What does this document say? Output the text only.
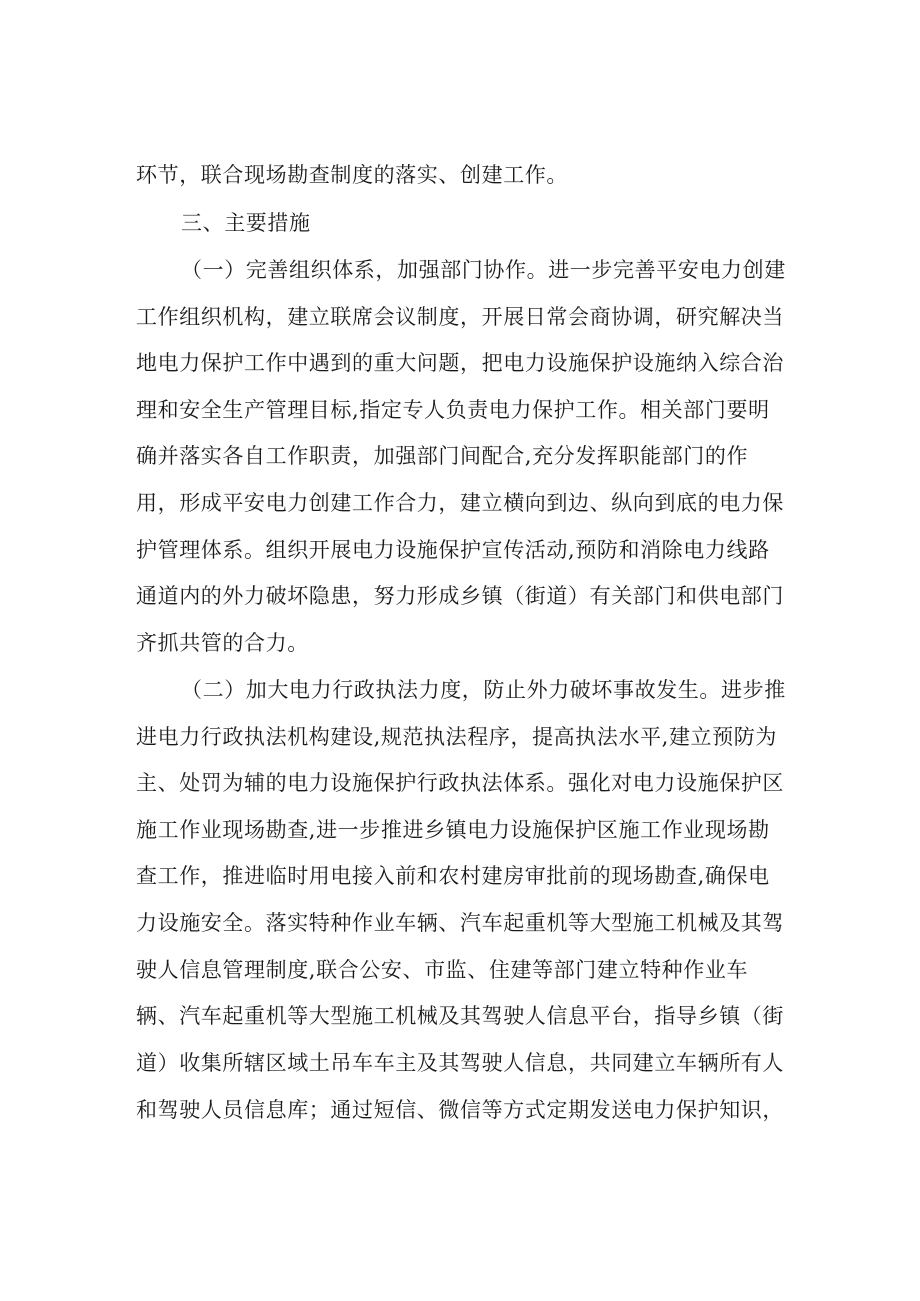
环节，联合现场勘查制度的落实、创建工作。
三、主要措施
（一）完善组织体系，加强部门协作。进一步完善平安电力创建
工作组织机构，建立联席会议制度，开展日常会商协调，研究解决当
地电力保护工作中遇到的重大问题，把电力设施保护设施纳入综合治
理和安全生产管理目标,指定专人负责电力保护工作。相关部门要明
确并落实各自工作职责，加强部门间配合,充分发挥职能部门的作
用，形成平安电力创建工作合力，建立横向到边、纵向到底的电力保
护管理体系。组织开展电力设施保护宣传活动,预防和消除电力线路
通道内的外力破坏隐患，努力形成乡镇（街道）有关部门和供电部门
齐抓共管的合力。
（二）加大电力行政执法力度，防止外力破坏事故发生。进步推
进电力行政执法机构建设,规范执法程序，提高执法水平,建立预防为
主、处罚为辅的电力设施保护行政执法体系。强化对电力设施保护区
施工作业现场勘查,进一步推进乡镇电力设施保护区施工作业现场勘
查工作，推进临时用电接入前和农村建房审批前的现场勘查,确保电
力设施安全。落实特种作业车辆、汽车起重机等大型施工机械及其驾
驶人信息管理制度,联合公安、市监、住建等部门建立特种作业车
辆、汽车起重机等大型施工机械及其驾驶人信息平台，指导乡镇（街
道）收集所辖区域土吊车车主及其驾驶人信息，共同建立车辆所有人
和驾驶人员信息库；通过短信、微信等方式定期发送电力保护知识，
